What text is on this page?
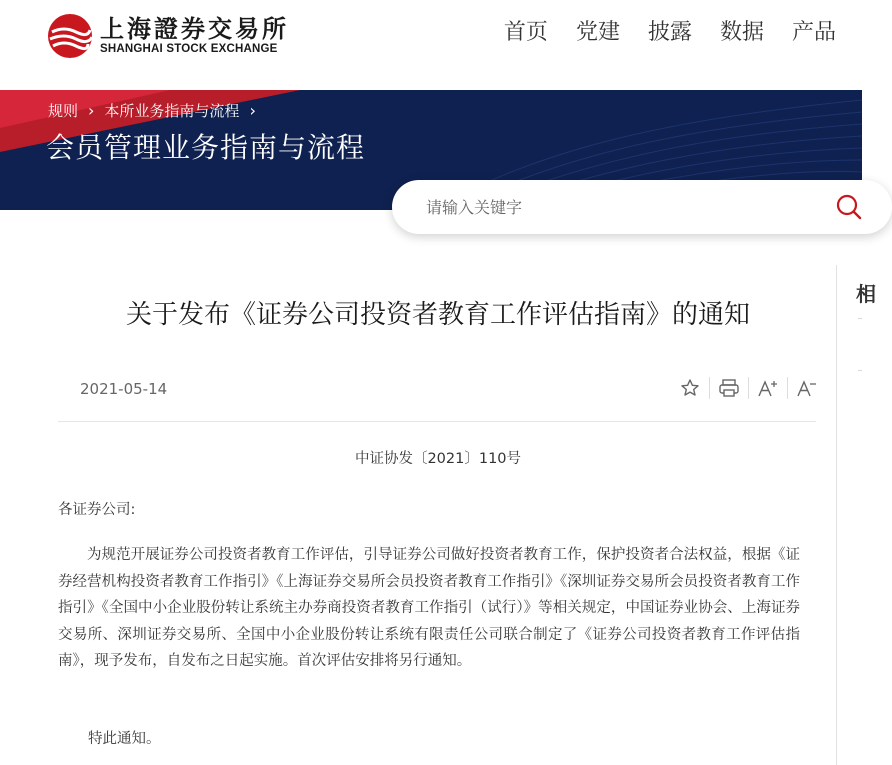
上海證券交易所
SHANGHAI STOCK EXCHANGE
首页 党建 披露 数据 产品
规则 › 本所业务指南与流程 ›
会员管理业务指南与流程
请输入关键字
相
关于发布《证券公司投资者教育工作评估指南》的通知
2021-05-14
中证协发〔2021〕110号
各证券公司:
为规范开展证券公司投资者教育工作评估，引导证券公司做好投资者教育工作，保护投资者合法权益，根据《证券经营机构投资者教育工作指引》《上海证券交易所会员投资者教育工作指引》《深圳证券交易所会员投资者教育工作指引》《全国中小企业股份转让系统主办券商投资者教育工作指引（试行）》等相关规定，中国证券业协会、上海证券交易所、深圳证券交易所、全国中小企业股份转让系统有限责任公司联合制定了《证券公司投资者教育工作评估指南》，现予发布，自发布之日起实施。首次评估安排将另行通知。
特此通知。
